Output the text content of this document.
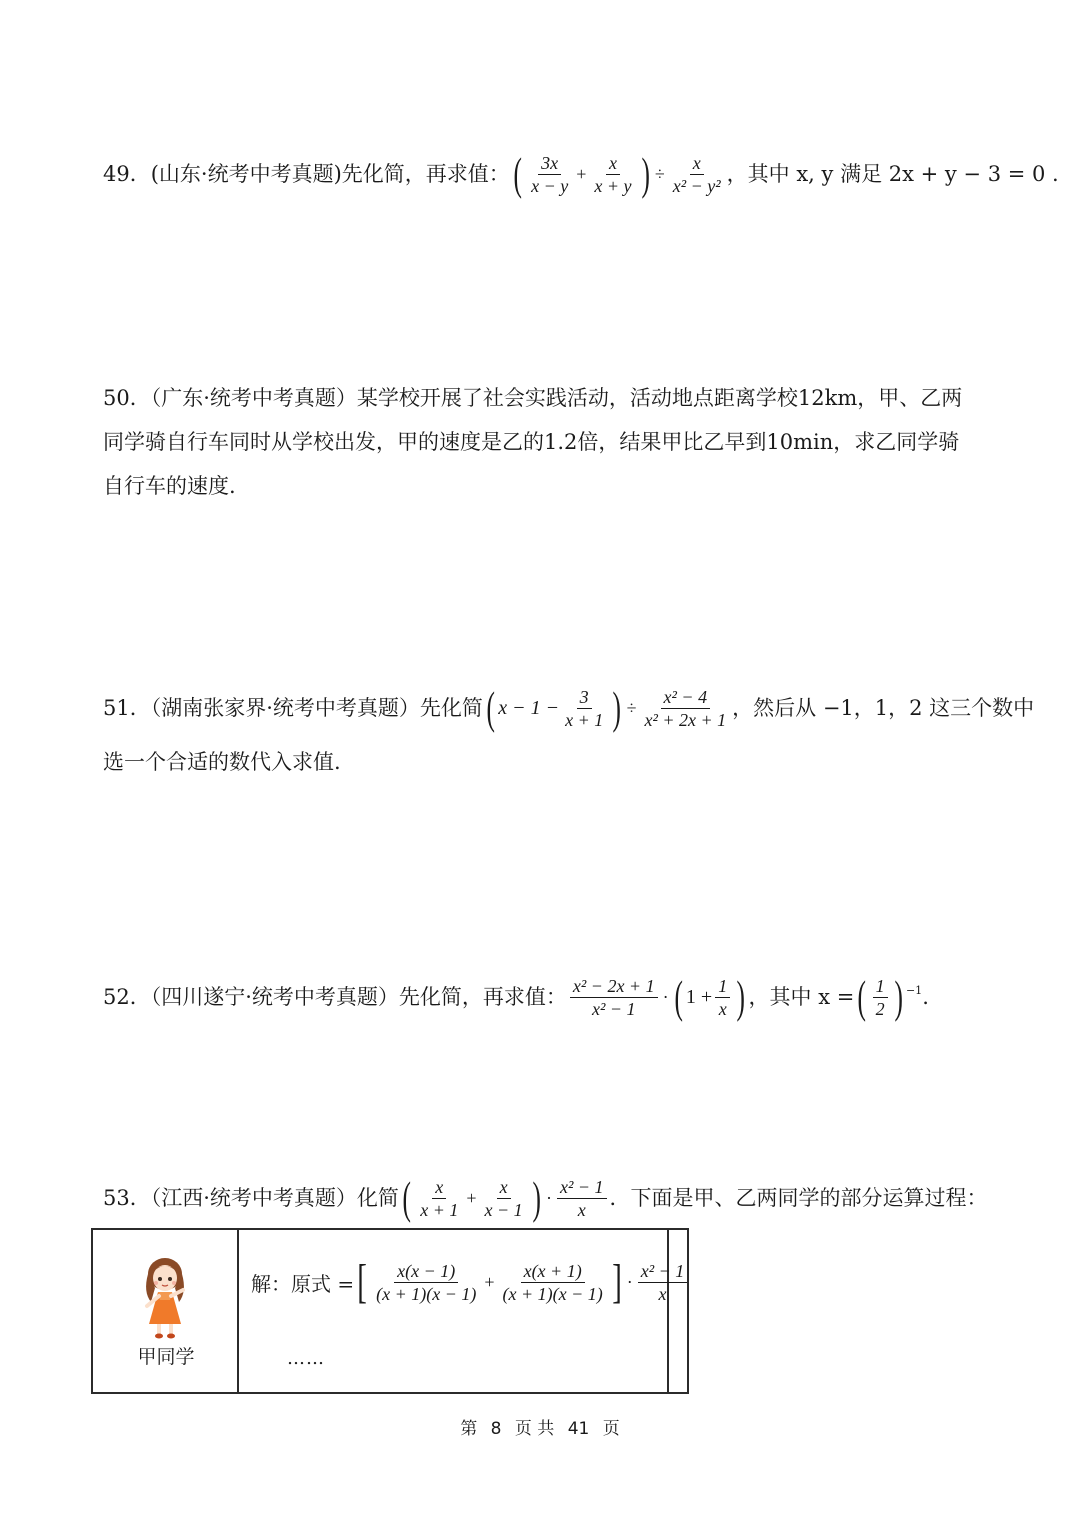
49．(山东·统考中考真题)先化简，再求值： ( $\frac{3x}{x - y} + \frac{x}{x + y}$ ) ÷ $\frac{x}{\text{x² − y²}}$ ，其中 x, y 满足 2x + y − 3 = 0 .
50．（广东·统考中考真题）某学校开展了社会实践活动，活动地点距离学校12km，甲、乙两
同学骑自行车同时从学校出发，甲的速度是乙的1.2倍，结果甲比乙早到10min，求乙同学骑
自行车的速度.
51．（湖南张家界·统考中考真题）先化简 ( $x - 1 - \frac{3}{x + 1}$ ) ÷ $\frac{\text{x² − 4}}{\text{x² + 2x + 1}}$ ，然后从 −1，1，2 这三个数中
选一个合适的数代入求值.
52．（四川遂宁·统考中考真题）先化简，再求值： $\frac{\text{x² − 2x + 1}}{\text{x² − 1}}$ · ( $1 + \frac{1}{x}$ ) ，其中 x = ( $\frac{1}{2}$ ) $^{-1}$ .
53．（江西·统考中考真题）化简 ( $\frac{x}{x + 1} + \frac{x}{x - 1}$ ) · $\frac{\text{x² − 1}}{x}$ ．下面是甲、乙两同学的部分运算过程：
甲同学
解：原式 = [ $\frac{x(x - 1)}{(x + 1)(x - 1)} + \frac{x(x + 1)}{(x + 1)(x - 1)}$ ] · $\frac{\text{x² − 1}}{x}$
……
第 8 页 共 41 页
